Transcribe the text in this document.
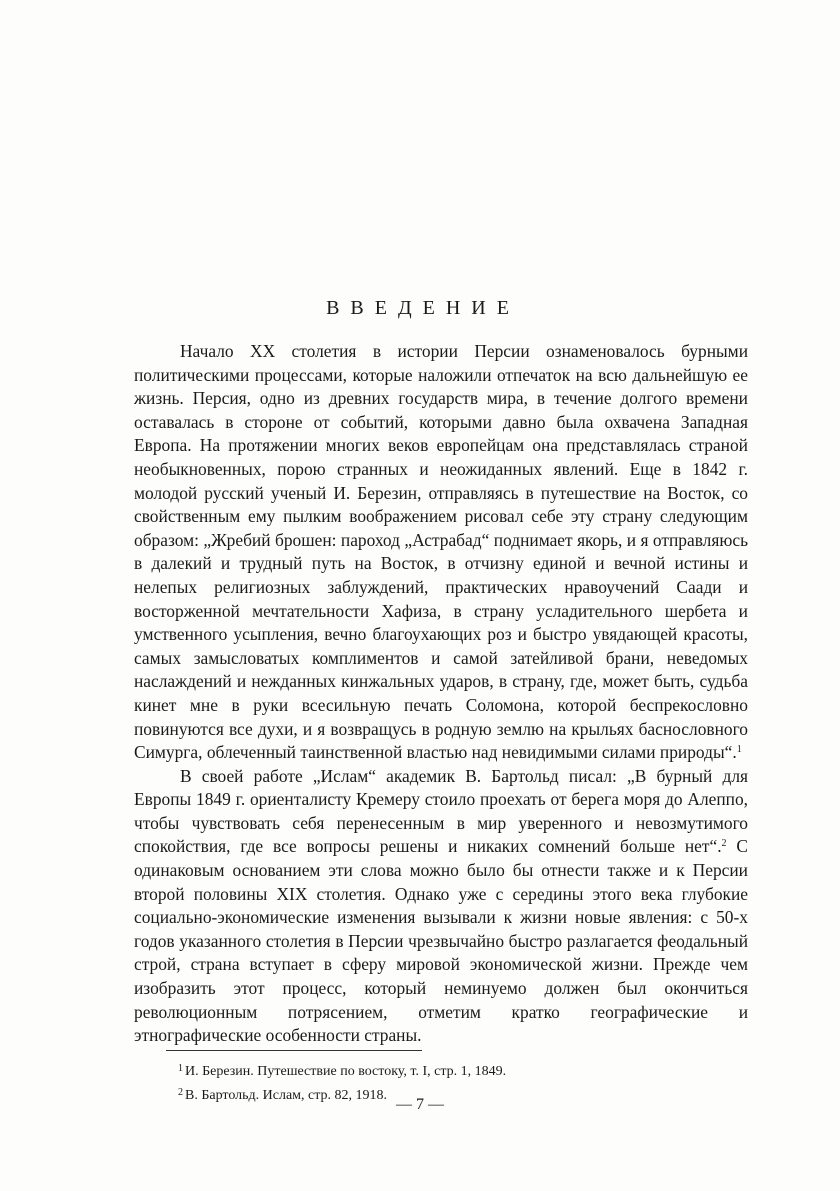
ВВЕДЕНИЕ

Начало XX столетия в истории Персии ознаменовалось бурными политическими процессами, которые наложили отпечаток на всю дальнейшую ее жизнь. Персия, одно из древних государств мира, в течение долгого времени оставалась в стороне от событий, которыми давно была охвачена Западная Европа. На протяжении многих веков европейцам она представлялась страной необыкновенных, порою странных и неожиданных явлений. Еще в 1842 г. молодой русский ученый И. Березин, отправляясь в путешествие на Восток, со свойственным ему пылким воображением рисовал себе эту страну следующим образом: „Жребий брошен: пароход „Астрабад“ поднимает якорь, и я отправляюсь в далекий и трудный путь на Восток, в отчизну единой и вечной истины и нелепых религиозных заблуждений, практических нравоучений Саади и восторженной мечтательности Хафиза, в страну усладительного шербета и умственного усыпления, вечно благоухающих роз и быстро увядающей красоты, самых замысловатых комплиментов и самой затейливой брани, неведомых наслаждений и нежданных кинжальных ударов, в страну, где, может быть, судьба кинет мне в руки всесильную печать Соломона, которой беспрекословно повинуются все духи, и я возвращусь в родную землю на крыльях баснословного Симурга, облеченный таинственной властью над невидимыми силами природы“.$^1$

В своей работе „Ислам“ академик В. Бартольд писал: „В бурный для Европы 1849 г. ориенталисту Кремеру стоило проехать от берега моря до Алеппо, чтобы чувствовать себя перенесенным в мир уверенного и невозмутимого спокойствия, где все вопросы решены и никаких сомнений больше нет“.$^2$ С одинаковым основанием эти слова можно было бы отнести также и к Персии второй половины XIX столетия. Однако уже с середины этого века глубокие социально-экономические изменения вызывали к жизни новые явления: с 50-х годов указанного столетия в Персии чрезвычайно быстро разлагается феодальный строй, страна вступает в сферу мировой экономической жизни. Прежде чем изобразить этот процесс, который неминуемо должен был окончиться революционным потрясением, отметим кратко географические и этнографические особенности страны.

$^1$ И. Березин. Путешествие по востоку, т. I, стр. 1, 1849.
$^2$ В. Бартольд. Ислам, стр. 82, 1918.
— 7 —
